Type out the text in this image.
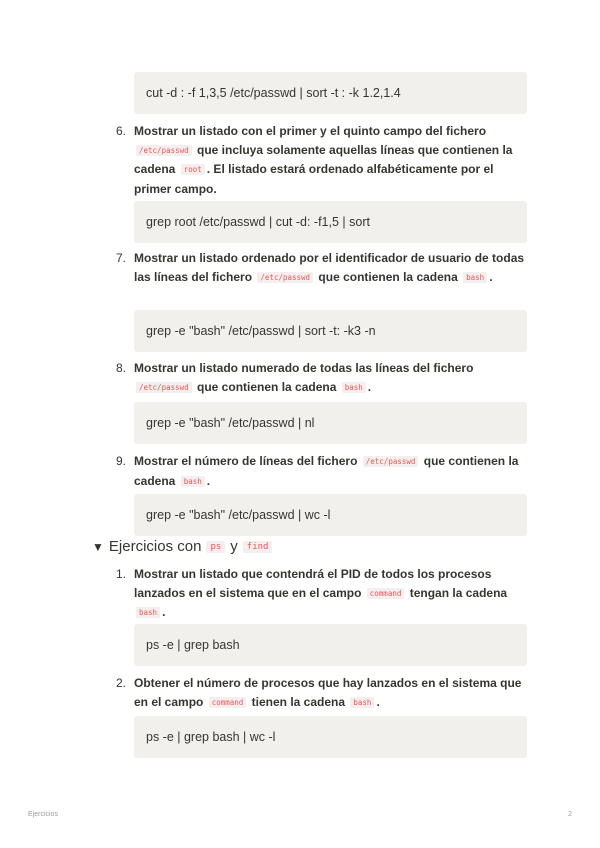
cut -d : -f 1,3,5 /etc/passwd | sort -t : -k 1.2,1.4
6. Mostrar un listado con el primer y el quinto campo del fichero /etc/passwd que incluya solamente aquellas líneas que contienen la cadena root . El listado estará ordenado alfabéticamente por el primer campo.
grep root /etc/passwd | cut -d: -f1,5 | sort
7. Mostrar un listado ordenado por el identificador de usuario de todas las líneas del fichero /etc/passwd que contienen la cadena bash .
grep -e "bash" /etc/passwd | sort -t: -k3 -n
8. Mostrar un listado numerado de todas las líneas del fichero /etc/passwd que contienen la cadena bash .
grep -e "bash" /etc/passwd | nl
9. Mostrar el número de líneas del fichero /etc/passwd que contienen la cadena bash .
grep -e "bash" /etc/passwd | wc -l
▼ Ejercicios con	ps y	find
1. Mostrar un listado que contendrá el PID de todos los procesos lanzados en el sistema que en el campo command tengan la cadena bash .
ps -e | grep bash
2. Obtener el número de procesos que hay lanzados en el sistema que en el campo command tienen la cadena bash .
ps -e | grep bash | wc -l
Ejercicios	2
